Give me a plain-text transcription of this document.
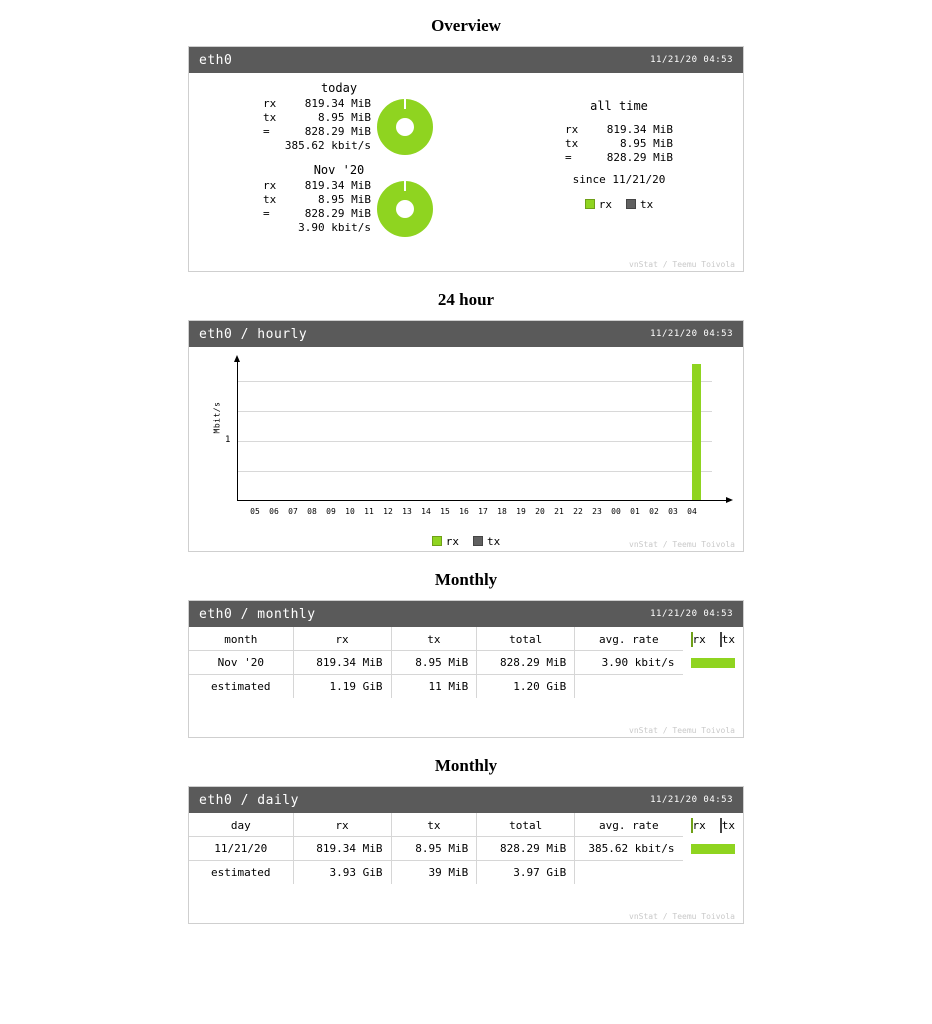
Overview
eth0	11/21/20 04:53
today
rx	819.34 MiB
tx	8.95 MiB
=	828.29 MiB
385.62 kbit/s
Nov '20
rx	819.34 MiB
tx	8.95 MiB
=	828.29 MiB
3.90 kbit/s
all time
rx	819.34 MiB
tx	8.95 MiB
=	828.29 MiB
since 11/21/20
rx	tx
vnStat / Teemu Toivola
24 hour
eth0 / hourly	11/21/20 04:53
Mbit/s
1
05	06	07	08	09	10	11	12	13	14	15	16	17	18	19	20	21	22	23	00	01	02	03	04
rx	tx	vnStat / Teemu Toivola
Monthly
eth0 / monthly	11/21/20 04:53
month	rx	tx	total	avg. rate	rx tx

Nov '20	819.34 MiB	8.95 MiB	828.29 MiB	3.90 kbit/s	

estimated	1.19 GiB	11 MiB	1.20 GiB		
vnStat / Teemu Toivola
Monthly
eth0 / daily	11/21/20 04:53
day	rx	tx	total	avg. rate	rx tx

11/21/20	819.34 MiB	8.95 MiB	828.29 MiB	385.62 kbit/s	

estimated	3.93 GiB	39 MiB	3.97 GiB		
vnStat / Teemu Toivola
